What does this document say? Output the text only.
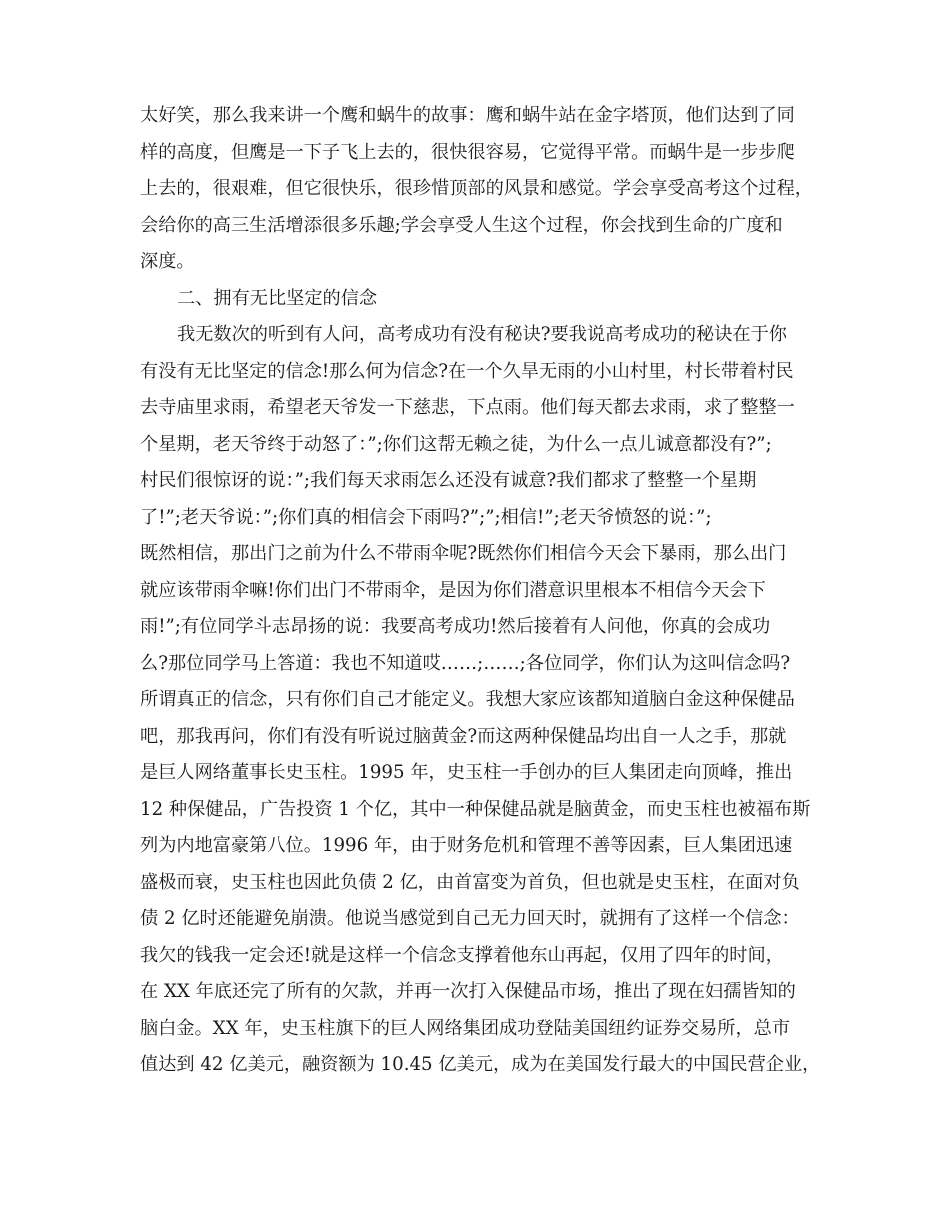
太好笑，那么我来讲一个鹰和蜗牛的故事：鹰和蜗牛站在金字塔顶，他们达到了同
样的高度，但鹰是一下子飞上去的，很快很容易，它觉得平常。而蜗牛是一步步爬
上去的，很艰难，但它很快乐，很珍惜顶部的风景和感觉。学会享受高考这个过程，
会给你的高三生活增添很多乐趣;学会享受人生这个过程，你会找到生命的广度和
深度。
二、拥有无比坚定的信念
我无数次的听到有人问，高考成功有没有秘诀?要我说高考成功的秘诀在于你
有没有无比坚定的信念!那么何为信念?在一个久旱无雨的小山村里，村长带着村民
去寺庙里求雨，希望老天爷发一下慈悲，下点雨。他们每天都去求雨，求了整整一
个星期，老天爷终于动怒了：”;你们这帮无赖之徒，为什么一点儿诚意都没有?”;
村民们很惊讶的说：”;我们每天求雨怎么还没有诚意?我们都求了整整一个星期
了!”;老天爷说：”;你们真的相信会下雨吗?”;”;相信!”;老天爷愤怒的说：”;
既然相信，那出门之前为什么不带雨伞呢?既然你们相信今天会下暴雨，那么出门
就应该带雨伞嘛!你们出门不带雨伞，是因为你们潜意识里根本不相信今天会下
雨!”;有位同学斗志昂扬的说：我要高考成功!然后接着有人问他，你真的会成功
么?那位同学马上答道：我也不知道哎……;……;各位同学，你们认为这叫信念吗?
所谓真正的信念，只有你们自己才能定义。我想大家应该都知道脑白金这种保健品
吧，那我再问，你们有没有听说过脑黄金?而这两种保健品均出自一人之手，那就
是巨人网络董事长史玉柱。1995 年，史玉柱一手创办的巨人集团走向顶峰，推出
12 种保健品，广告投资 1 个亿，其中一种保健品就是脑黄金，而史玉柱也被福布斯
列为内地富豪第八位。1996 年，由于财务危机和管理不善等因素，巨人集团迅速
盛极而衰，史玉柱也因此负债 2 亿，由首富变为首负，但也就是史玉柱，在面对负
债 2 亿时还能避免崩溃。他说当感觉到自己无力回天时，就拥有了这样一个信念：
我欠的钱我一定会还!就是这样一个信念支撑着他东山再起，仅用了四年的时间，
在 XX 年底还完了所有的欠款，并再一次打入保健品市场，推出了现在妇孺皆知的
脑白金。XX 年，史玉柱旗下的巨人网络集团成功登陆美国纽约证券交易所，总市
值达到 42 亿美元，融资额为 10.45 亿美元，成为在美国发行最大的中国民营企业，
